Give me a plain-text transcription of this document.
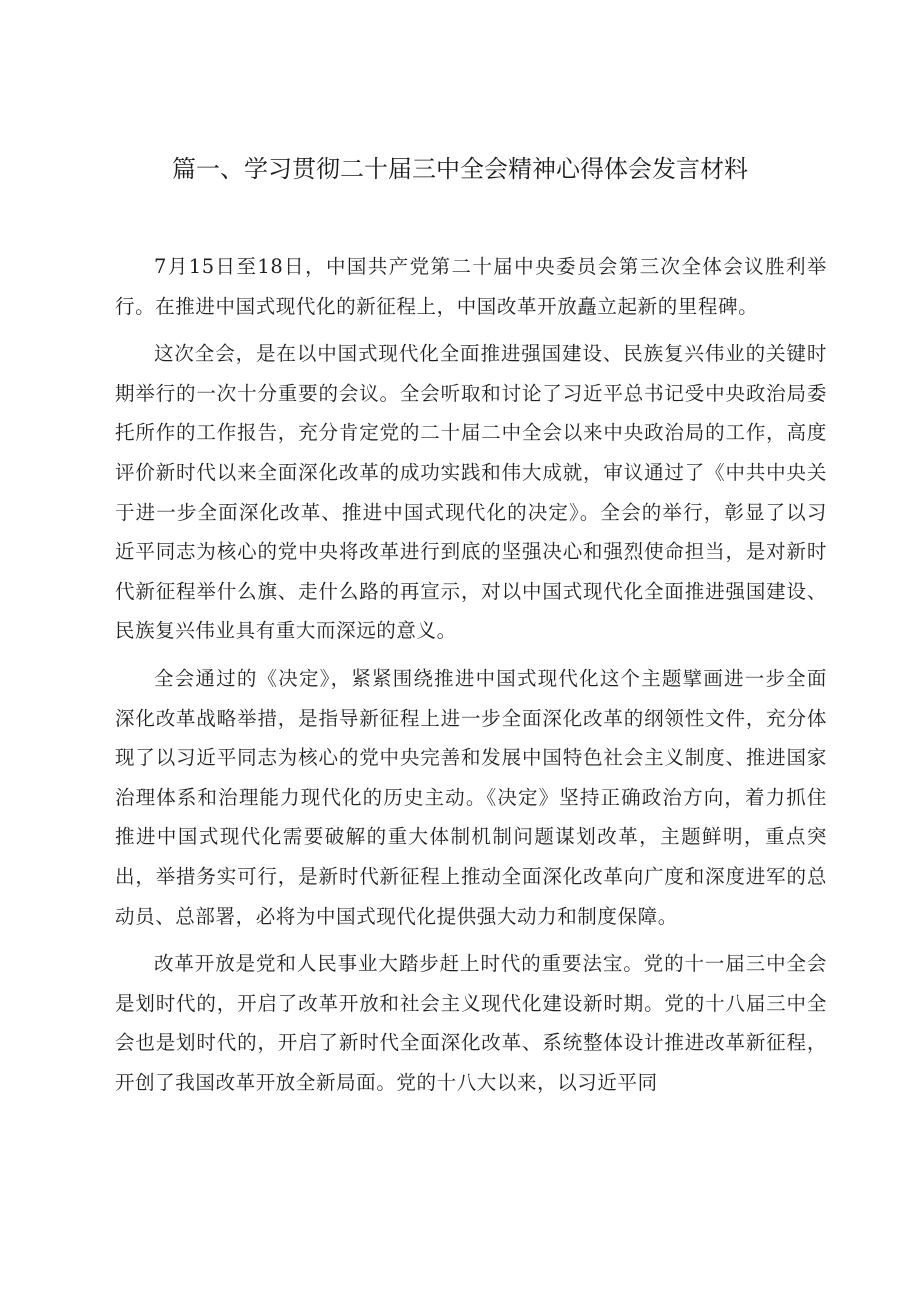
篇一、学习贯彻二十届三中全会精神心得体会发言材料

7月15日至18日，中国共产党第二十届中央委员会第三次全体会议胜利举行。在推进中国式现代化的新征程上，中国改革开放矗立起新的里程碑。

这次全会，是在以中国式现代化全面推进强国建设、民族复兴伟业的关键时期举行的一次十分重要的会议。全会听取和讨论了习近平总书记受中央政治局委托所作的工作报告，充分肯定党的二十届二中全会以来中央政治局的工作，高度评价新时代以来全面深化改革的成功实践和伟大成就，审议通过了《中共中央关于进一步全面深化改革、推进中国式现代化的决定》。全会的举行，彰显了以习近平同志为核心的党中央将改革进行到底的坚强决心和强烈使命担当，是对新时代新征程举什么旗、走什么路的再宣示，对以中国式现代化全面推进强国建设、民族复兴伟业具有重大而深远的意义。

全会通过的《决定》，紧紧围绕推进中国式现代化这个主题擘画进一步全面深化改革战略举措，是指导新征程上进一步全面深化改革的纲领性文件，充分体现了以习近平同志为核心的党中央完善和发展中国特色社会主义制度、推进国家治理体系和治理能力现代化的历史主动。《决定》坚持正确政治方向，着力抓住推进中国式现代化需要破解的重大体制机制问题谋划改革，主题鲜明，重点突出，举措务实可行，是新时代新征程上推动全面深化改革向广度和深度进军的总动员、总部署，必将为中国式现代化提供强大动力和制度保障。

改革开放是党和人民事业大踏步赶上时代的重要法宝。党的十一届三中全会是划时代的，开启了改革开放和社会主义现代化建设新时期。党的十八届三中全会也是划时代的，开启了新时代全面深化改革、系统整体设计推进改革新征程，开创了我国改革开放全新局面。党的十八大以来，以习近平同
